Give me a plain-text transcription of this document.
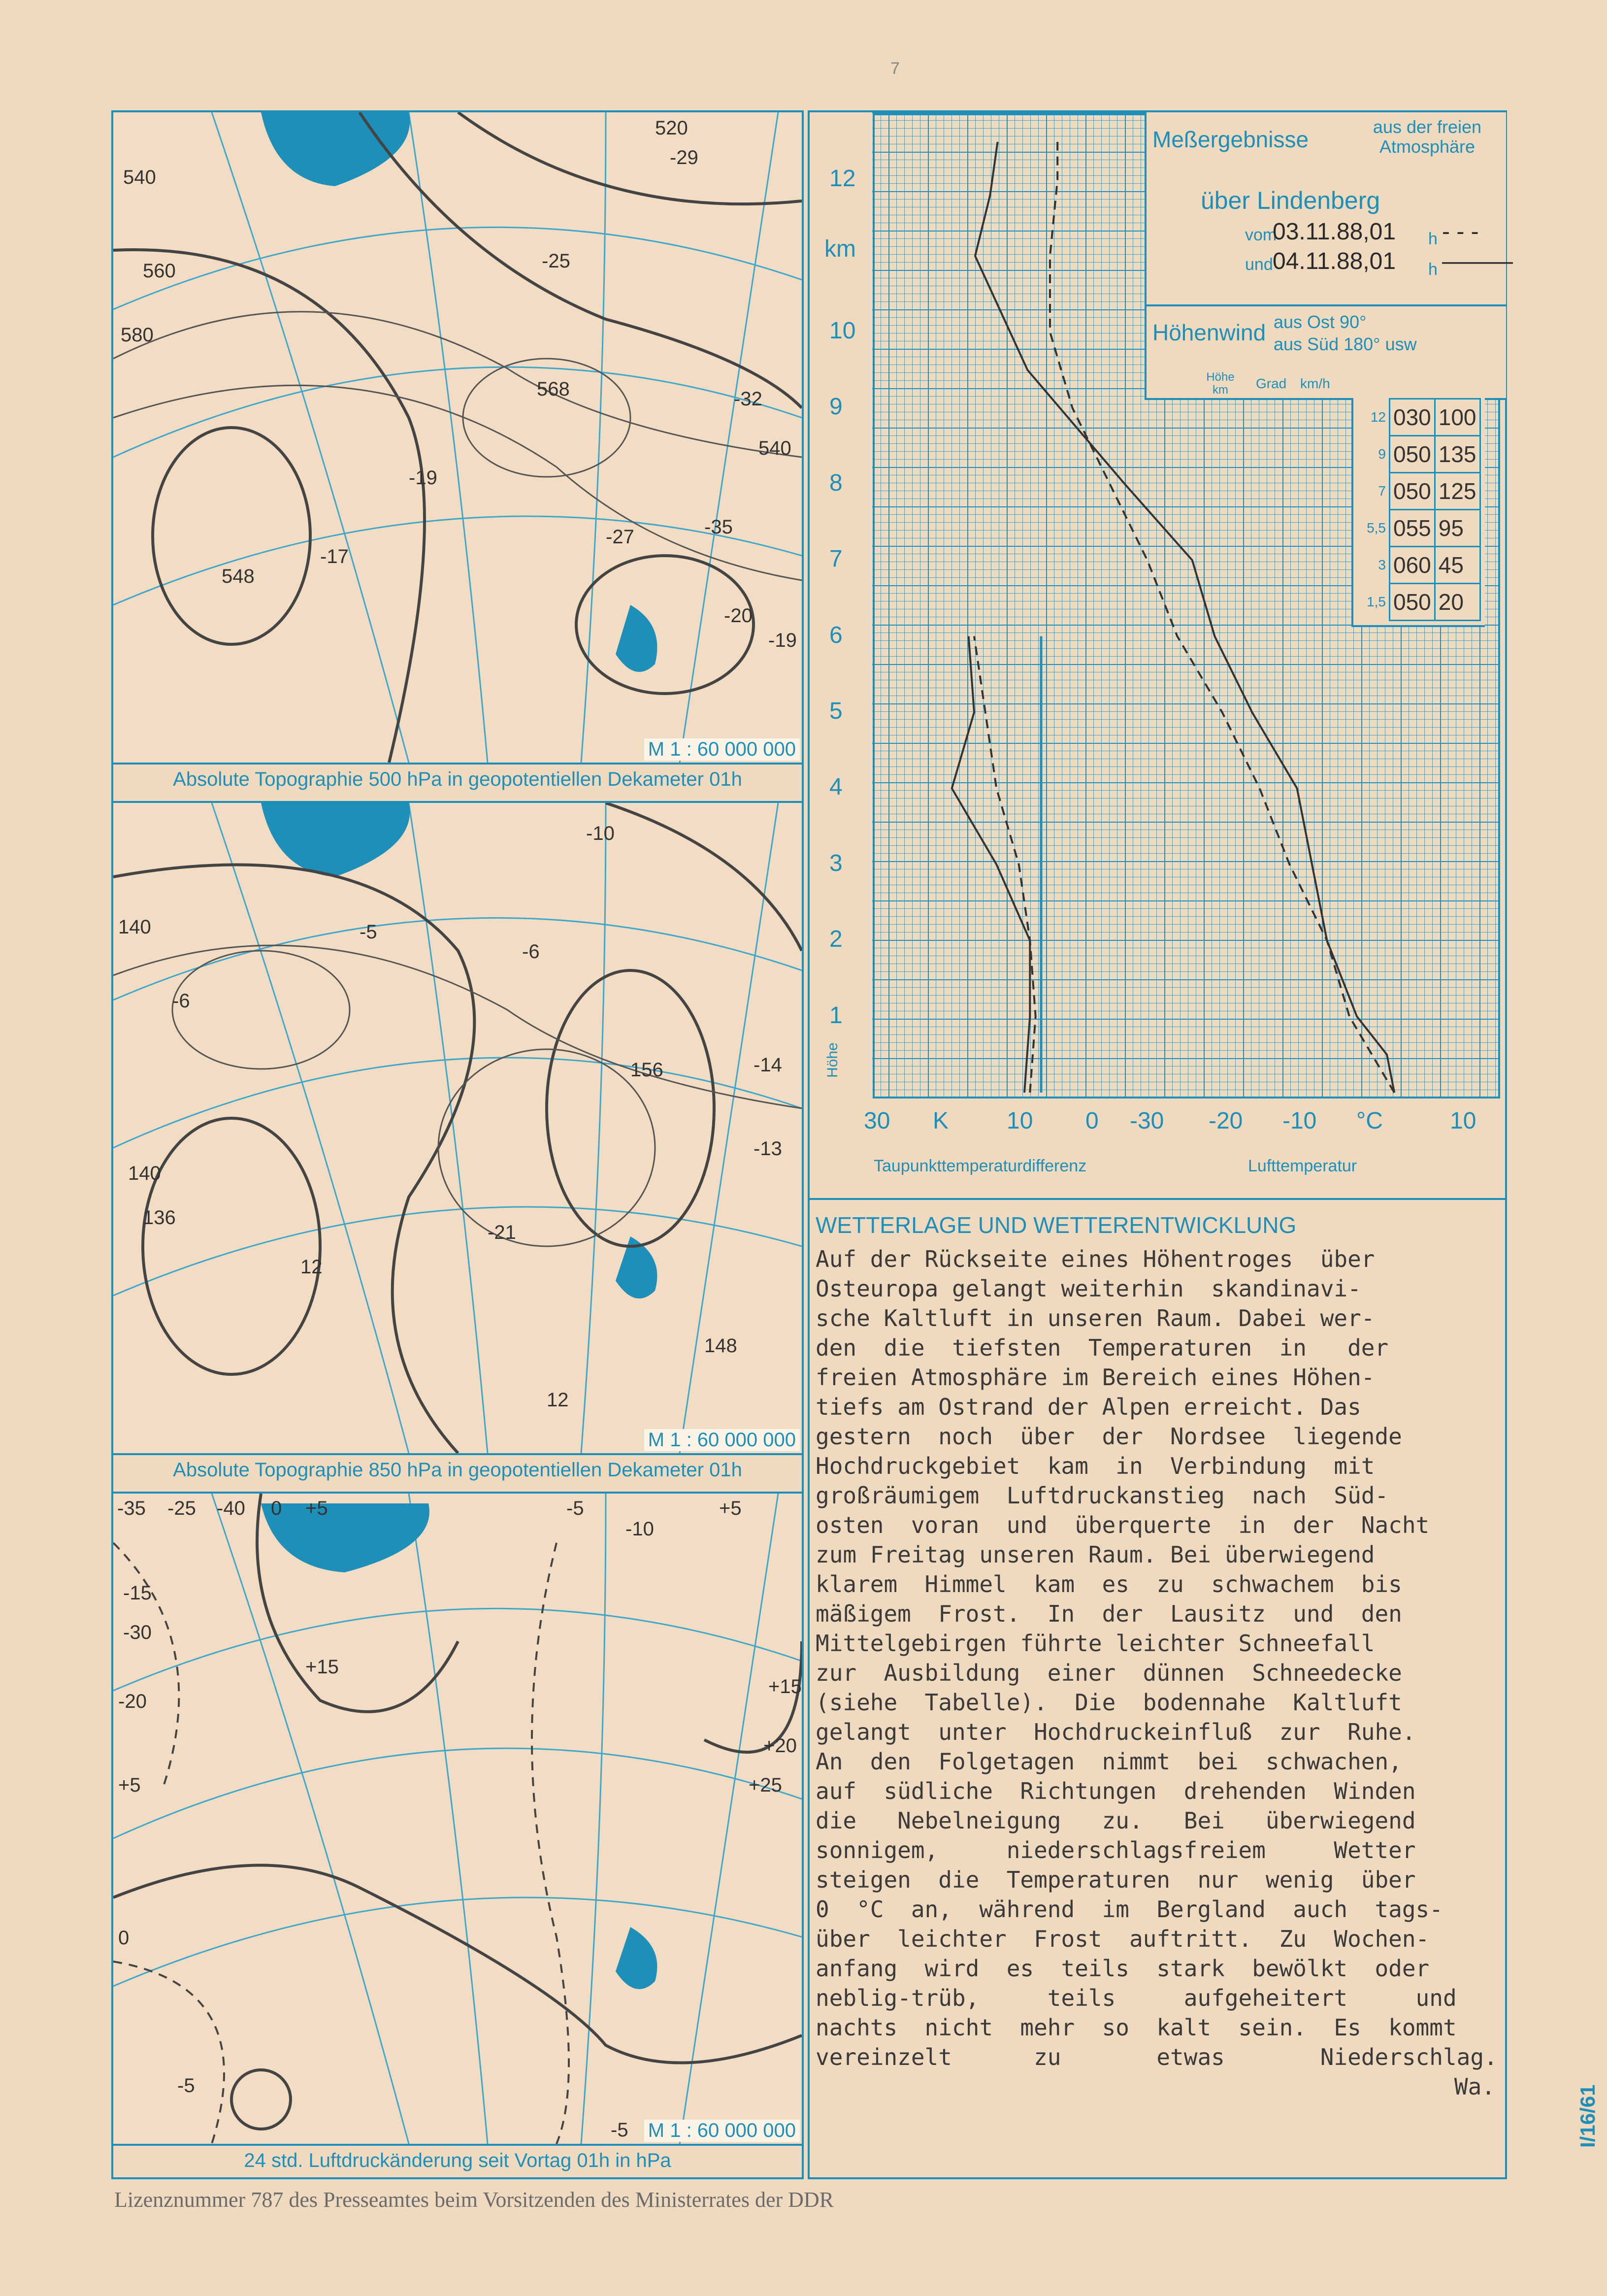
7
560
540
580
548
568
520
-29
540
-35
-20
-19
-17
-25
-19
-27
-32
M 1 : 60 000 000
Absolute Topographie 500 hPa in geopotentiellen Dekameter 01h
140
-6
-10
-5
-6
156	-14
-13
140
136
-21
148
12
12
M 1 : 60 000 000
Absolute Topographie 850 hPa in geopotentiellen Dekameter 01h
-35 -25 -40 0 +5	-5	+5
-10
-15
-30
-20
+5
+15
+15
+20
+25
0
-5
-5 M 1 : 60 000 000
24 std. Luftdruckänderung seit Vortag 01h in hPa
Meßergebnisse	aus der freien Atmosphäre
über Lindenberg
vom
03.11.88,01 h - - -
und 04.11.88,01 h ———
Höhenwind aus Ost 90°
aus Süd 180° usw
Höhe km	Grad km/h
12	030	100
9	050	135
7	050	125
5,5	055	95
3	060	45
1,5	050	20
km
Höhe
12
10
9
8
7
6
5
4
3
2
1
30 K 10 0 -30 -20 -10 °C	10
Taupunkttemperaturdifferenz	Lufttemperatur
WETTERLAGE UND WETTERENTWICKLUNG
Auf der Rückseite eines Höhentroges  über
Osteuropa gelangt weiterhin  skandinavi-
sche Kaltluft in unseren Raum. Dabei wer-
den  die  tiefsten  Temperaturen  in   der
freien Atmosphäre im Bereich eines Höhen-
tiefs am Ostrand der Alpen erreicht. Das
gestern  noch  über  der  Nordsee  liegende
Hochdruckgebiet  kam  in  Verbindung  mit
großräumigem  Luftdruckanstieg  nach  Süd-
osten  voran  und  überquerte  in  der  Nacht
zum Freitag unseren Raum. Bei überwiegend
klarem  Himmel  kam  es  zu  schwachem  bis
mäßigem  Frost.  In  der  Lausitz  und  den
Mittelgebirgen führte leichter Schneefall
zur  Ausbildung  einer  dünnen  Schneedecke
(siehe  Tabelle).  Die  bodennahe  Kaltluft
gelangt  unter  Hochdruckeinfluß  zur  Ruhe.
An  den  Folgetagen  nimmt  bei  schwachen,
auf  südliche  Richtungen  drehenden  Winden
die   Nebelneigung   zu.   Bei   überwiegend
sonnigem,     niederschlagsfreiem     Wetter
steigen  die  Temperaturen  nur  wenig  über
0  °C  an,  während  im  Bergland  auch  tags-
über  leichter  Frost  auftritt.  Zu  Wochen-
anfang  wird  es  teils  stark  bewölkt  oder
neblig-trüb,     teils     aufgeheitert     und
nachts  nicht  mehr  so  kalt  sein.  Es  kommt
vereinzelt      zu       etwas       Niederschlag.
Wa.	I/16/61
Lizenznummer 787 des Presseamtes beim Vorsitzenden des Ministerrates der DDR
